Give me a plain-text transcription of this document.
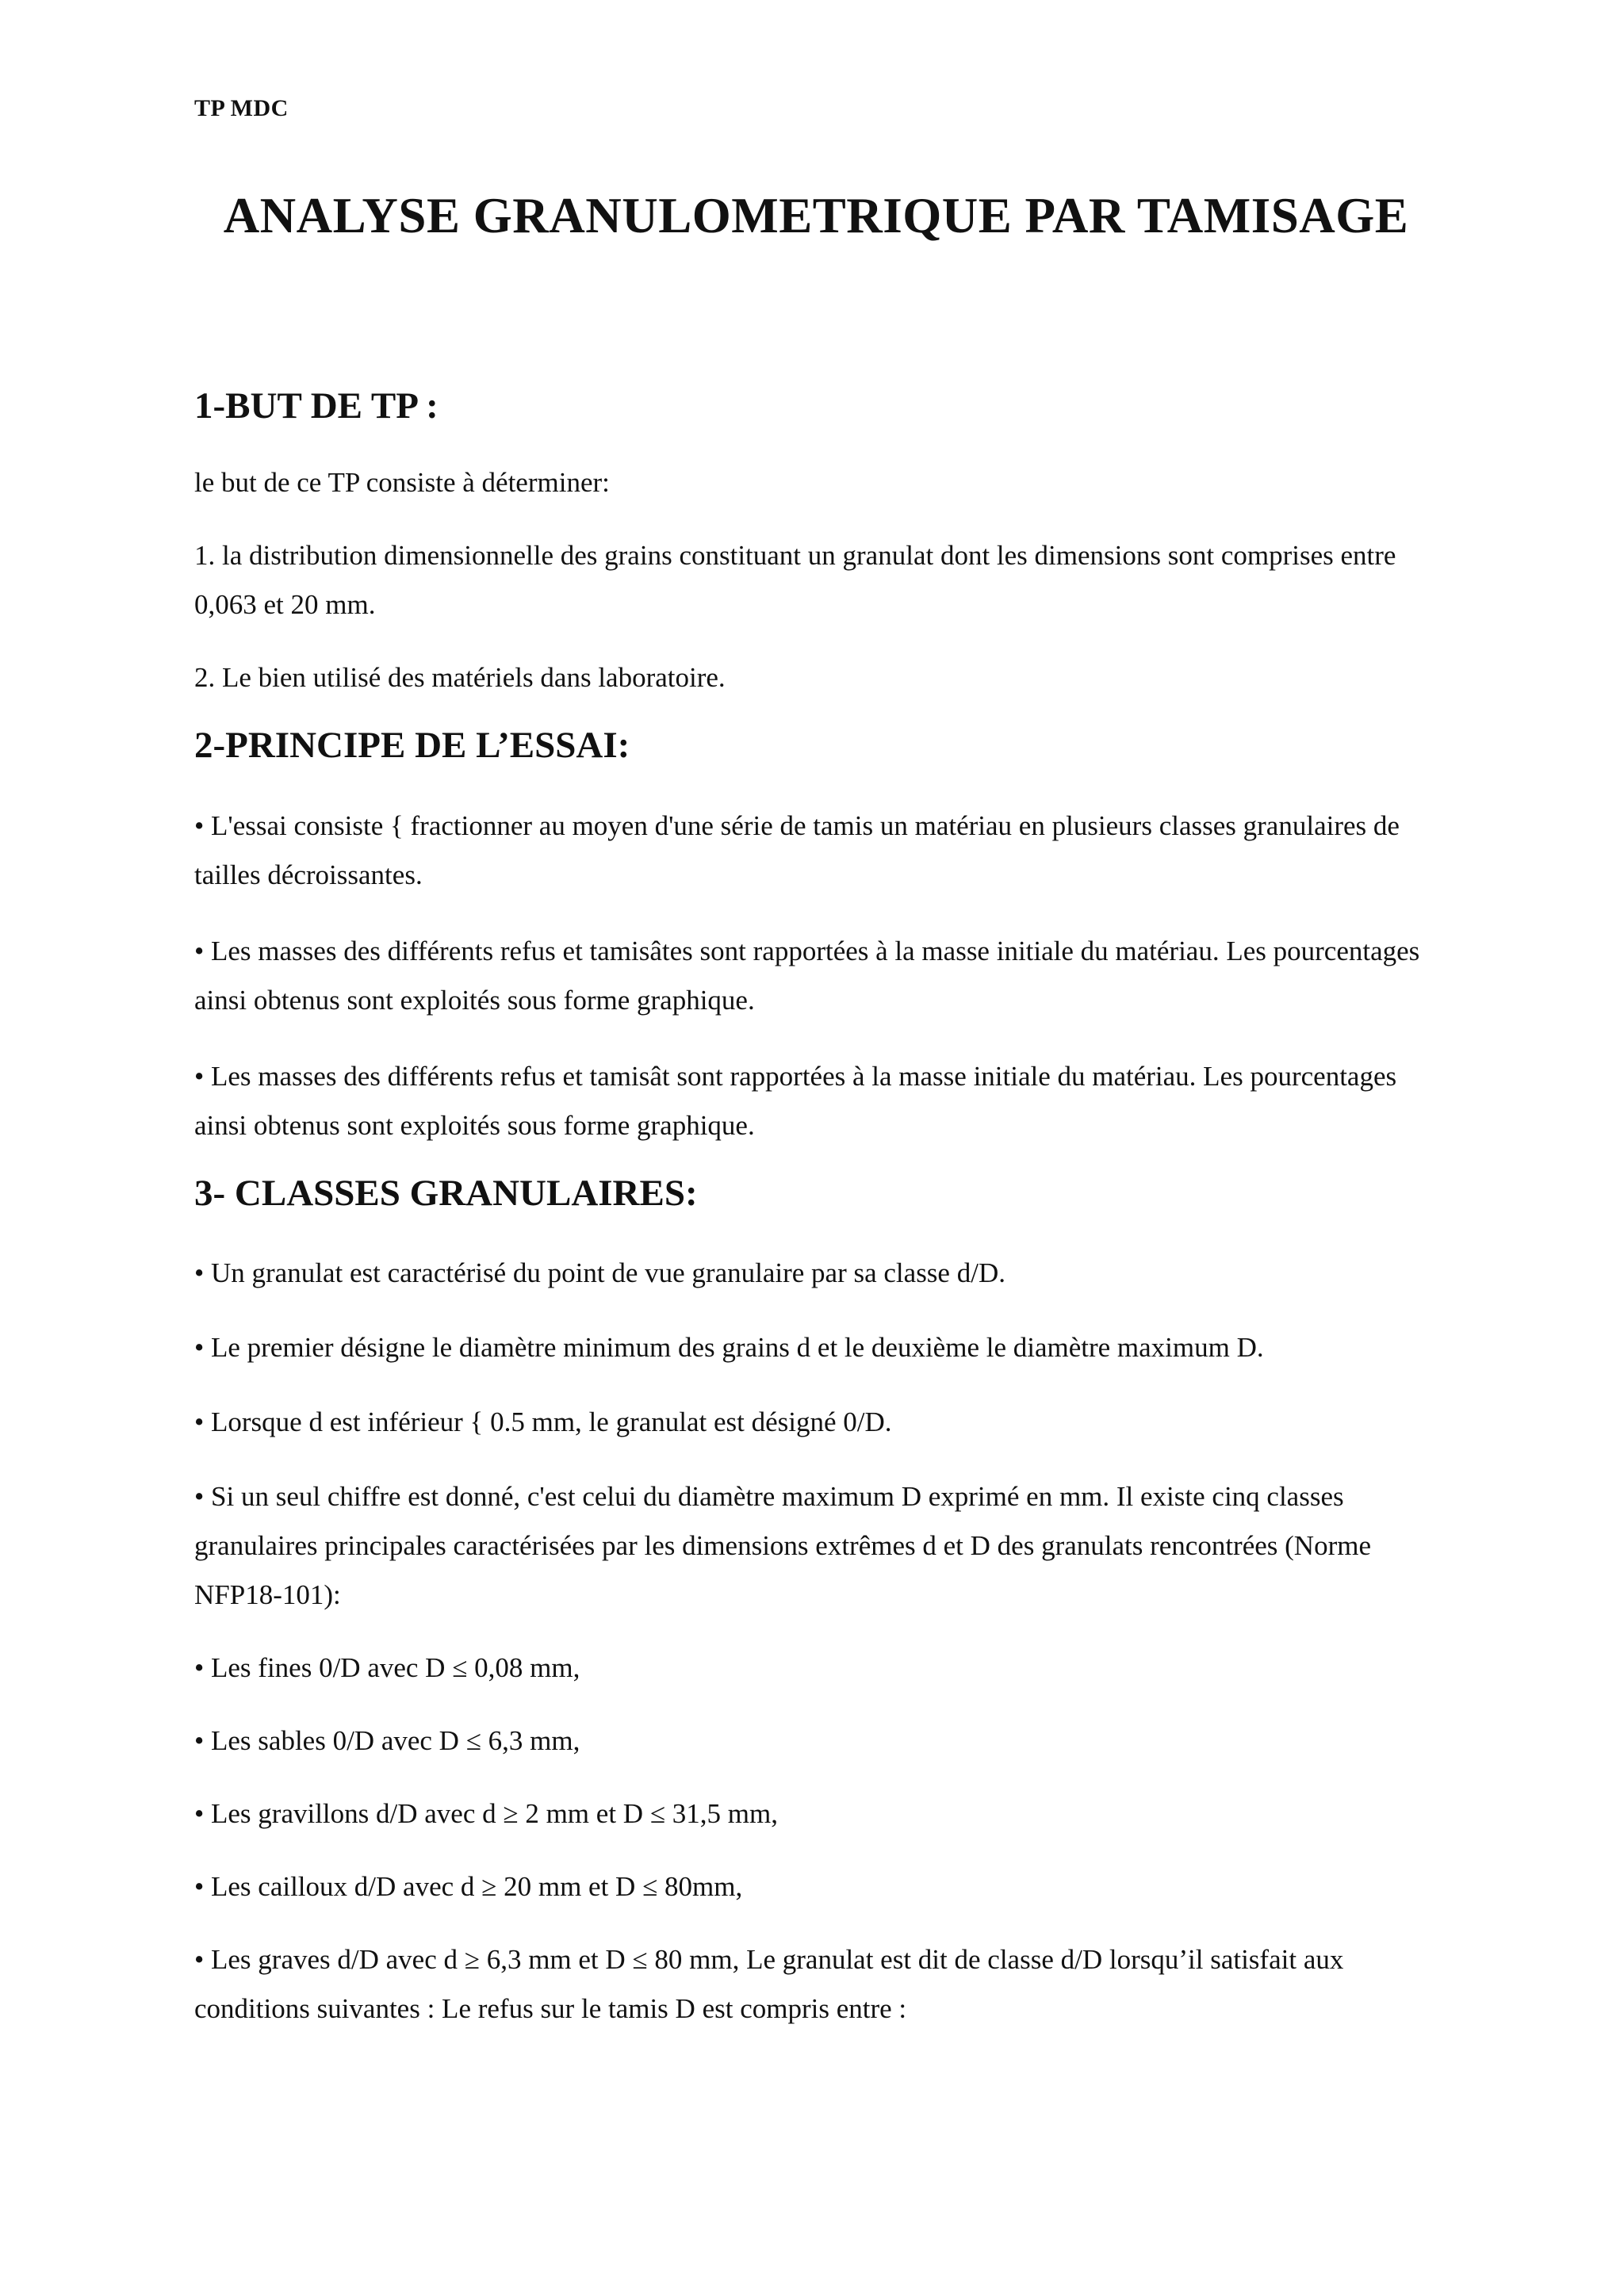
TP MDC
ANALYSE GRANULOMETRIQUE PAR TAMISAGE
1-BUT DE TP :

le but de ce TP consiste à déterminer:

1. la distribution dimensionnelle des grains constituant un granulat dont les dimensions sont comprises entre 0,063 et 20 mm.

2. Le bien utilisé des matériels dans laboratoire.

2-PRINCIPE DE L’ESSAI:

• L'essai consiste { fractionner au moyen d'une série de tamis un matériau en plusieurs classes granulaires de tailles décroissantes.

• Les masses des différents refus et tamisâtes sont rapportées à la masse initiale du matériau. Les pourcentages ainsi obtenus sont exploités sous forme graphique.

• Les masses des différents refus et tamisât sont rapportées à la masse initiale du matériau. Les pourcentages ainsi obtenus sont exploités sous forme graphique.

3- CLASSES GRANULAIRES:

• Un granulat est caractérisé du point de vue granulaire par sa classe d/D.

• Le premier désigne le diamètre minimum des grains d et le deuxième le diamètre maximum D.

• Lorsque d est inférieur { 0.5 mm, le granulat est désigné 0/D.

• Si un seul chiffre est donné, c'est celui du diamètre maximum D exprimé en mm. Il existe cinq classes granulaires principales caractérisées par les dimensions extrêmes d et D des granulats rencontrées (Norme NFP18-101):

• Les fines 0/D avec D ≤ 0,08 mm,

• Les sables 0/D avec D ≤ 6,3 mm,

• Les gravillons d/D avec d ≥ 2 mm et D ≤ 31,5 mm,

• Les cailloux d/D avec d ≥ 20 mm et D ≤ 80mm,

• Les graves d/D avec d ≥ 6,3 mm et D ≤ 80 mm, Le granulat est dit de classe d/D lorsqu’il satisfait aux conditions suivantes : Le refus sur le tamis D est compris entre :
